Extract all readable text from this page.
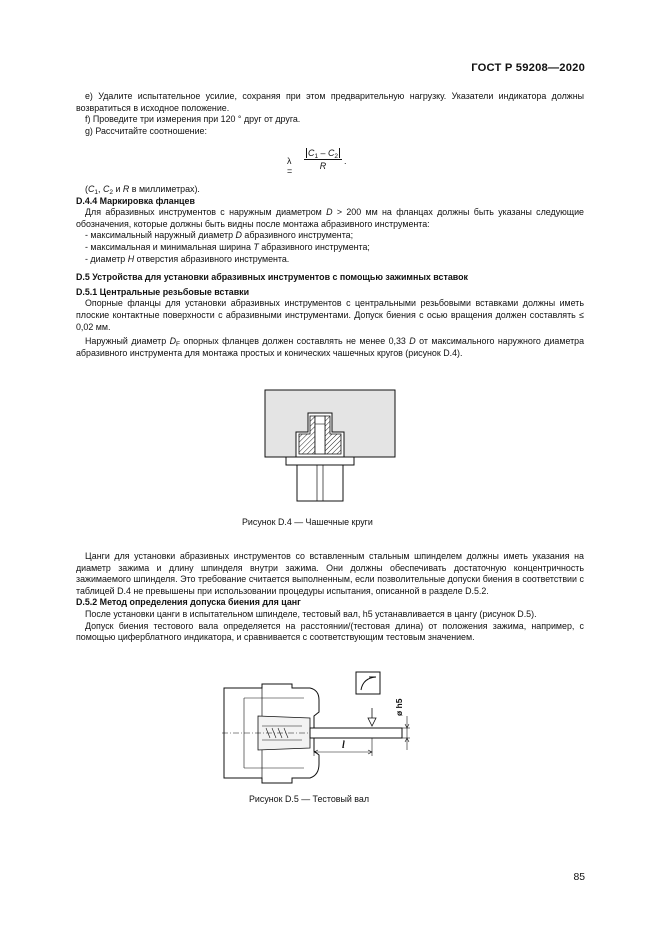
ГОСТ Р 59208—2020

e) Удалите испытательное усилие, сохраняя при этом предварительную нагрузку. Указатели индикатора должны возвратиться в исходное положение.

f) Проведите три измерения при 120 ° друг от друга.

g) Рассчитайте соотношение:

$\lambda = \frac{C_1 - C_2}{R}$ .

($C_1$, $C_2$ и R в миллиметрах).

D.4.4 Маркировка фланцев

Для абразивных инструментов с наружным диаметром D > 200 мм на фланцах должны быть указаны следующие обозначения, которые должны быть видны после монтажа абразивного инструмента:

- максимальный наружный диаметр D абразивного инструмента;

- максимальная и минимальная ширина T абразивного инструмента;

- диаметр H отверстия абразивного инструмента.

D.5 Устройства для установки абразивных инструментов с помощью зажимных вставок

D.5.1 Центральные резьбовые вставки

Опорные фланцы для установки абразивных инструментов с центральными резьбовыми вставками должны иметь плоские контактные поверхности с абразивными инструментами. Допуск биения с осью вращения должен составлять ≤ 0,02 мм.

Наружный диаметр $D_F$ опорных фланцев должен составлять не менее 0,33 D от максимального наружного диаметра абразивного инструмента для монтажа простых и конических чашечных кругов (рисунок D.4).

Рисунок D.4 — Чашечные круги

Цанги для установки абразивных инструментов со вставленным стальным шпинделем должны иметь указания на диаметр зажима и длину шпинделя внутри зажима. Они должны обеспечивать достаточную концентричность зажимаемого шпинделя. Это требование считается выполненным, если позволительные допуски биения в соответствии с таблицей D.4 не превышены при использовании процедуры испытания, описанной в разделе D.5.2.

D.5.2 Метод определения допуска биения для цанг

После установки цанги в испытательном шпинделе, тестовый вал, h5 устанавливается в цангу (рисунок D.5).

Допуск биения тестового вала определяется на расстоянии/(тестовая длина) от положения зажима, например, с помощью циферблатного индикатора, и сравнивается с соответствующим тестовым значением.

ø h5
l
Рисунок D.5 — Тестовый вал
85
